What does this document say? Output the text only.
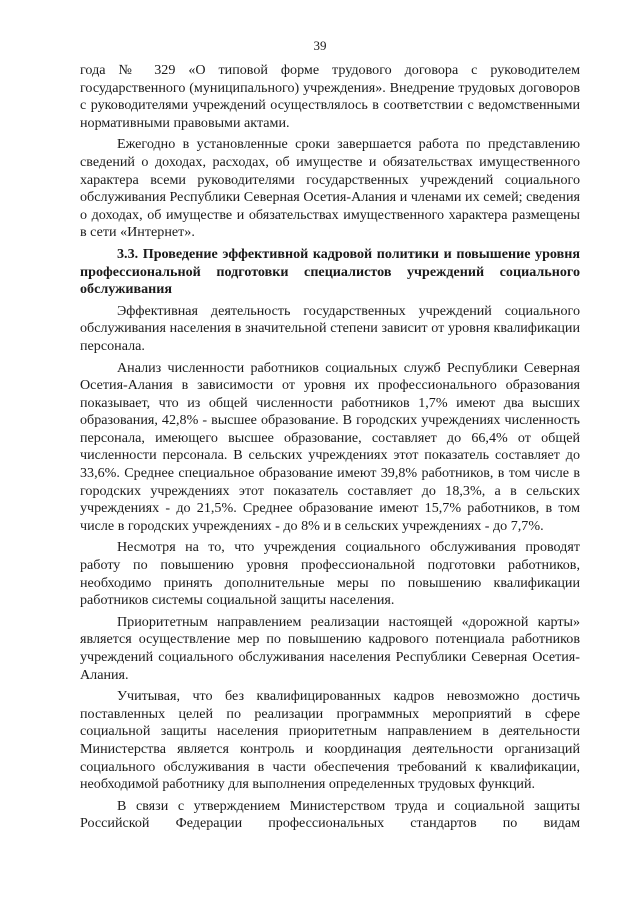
39

года № 329 «О типовой форме трудового договора с руководителем государственного (муниципального) учреждения». Внедрение трудовых договоров с руководителями учреждений осуществлялось в соответствии с ведомственными нормативными правовыми актами.

Ежегодно в установленные сроки завершается работа по представлению сведений о доходах, расходах, об имуществе и обязательствах имущественного характера всеми руководителями государственных учреждений социального обслуживания Республики Северная Осетия-Алания и членами их семей; сведения о доходах, об имуществе и обязательствах имущественного характера размещены в сети «Интернет».

3.3. Проведение эффективной кадровой политики и повышение уровня профессиональной подготовки специалистов учреждений социального обслуживания

Эффективная деятельность государственных учреждений социального обслуживания населения в значительной степени зависит от уровня квалификации персонала.

Анализ численности работников социальных служб Республики Северная Осетия-Алания в зависимости от уровня их профессионального образования показывает, что из общей численности работников 1,7% имеют два высших образования, 42,8% - высшее образование. В городских учреждениях численность персонала, имеющего высшее образование, составляет до 66,4% от общей численности персонала. В сельских учреждениях этот показатель составляет до 33,6%. Среднее специальное образование имеют 39,8% работников, в том числе в городских учреждениях этот показатель составляет до 18,3%, а в сельских учреждениях - до 21,5%. Среднее образование имеют 15,7% работников, в том числе в городских учреждениях - до 8% и в сельских учреждениях - до 7,7%.

Несмотря на то, что учреждения социального обслуживания проводят работу по повышению уровня профессиональной подготовки работников, необходимо принять дополнительные меры по повышению квалификации работников системы социальной защиты населения.

Приоритетным направлением реализации настоящей «дорожной карты» является осуществление мер по повышению кадрового потенциала работников учреждений социального обслуживания населения Республики Северная Осетия-Алания.

Учитывая, что без квалифицированных кадров невозможно достичь поставленных целей по реализации программных мероприятий в сфере социальной защиты населения приоритетным направлением в деятельности Министерства является контроль и координация деятельности организаций социального обслуживания в части обеспечения требований к квалификации, необходимой работнику для выполнения определенных трудовых функций.

В связи с утверждением Министерством труда и социальной защиты Российской Федерации профессиональных стандартов по видам
